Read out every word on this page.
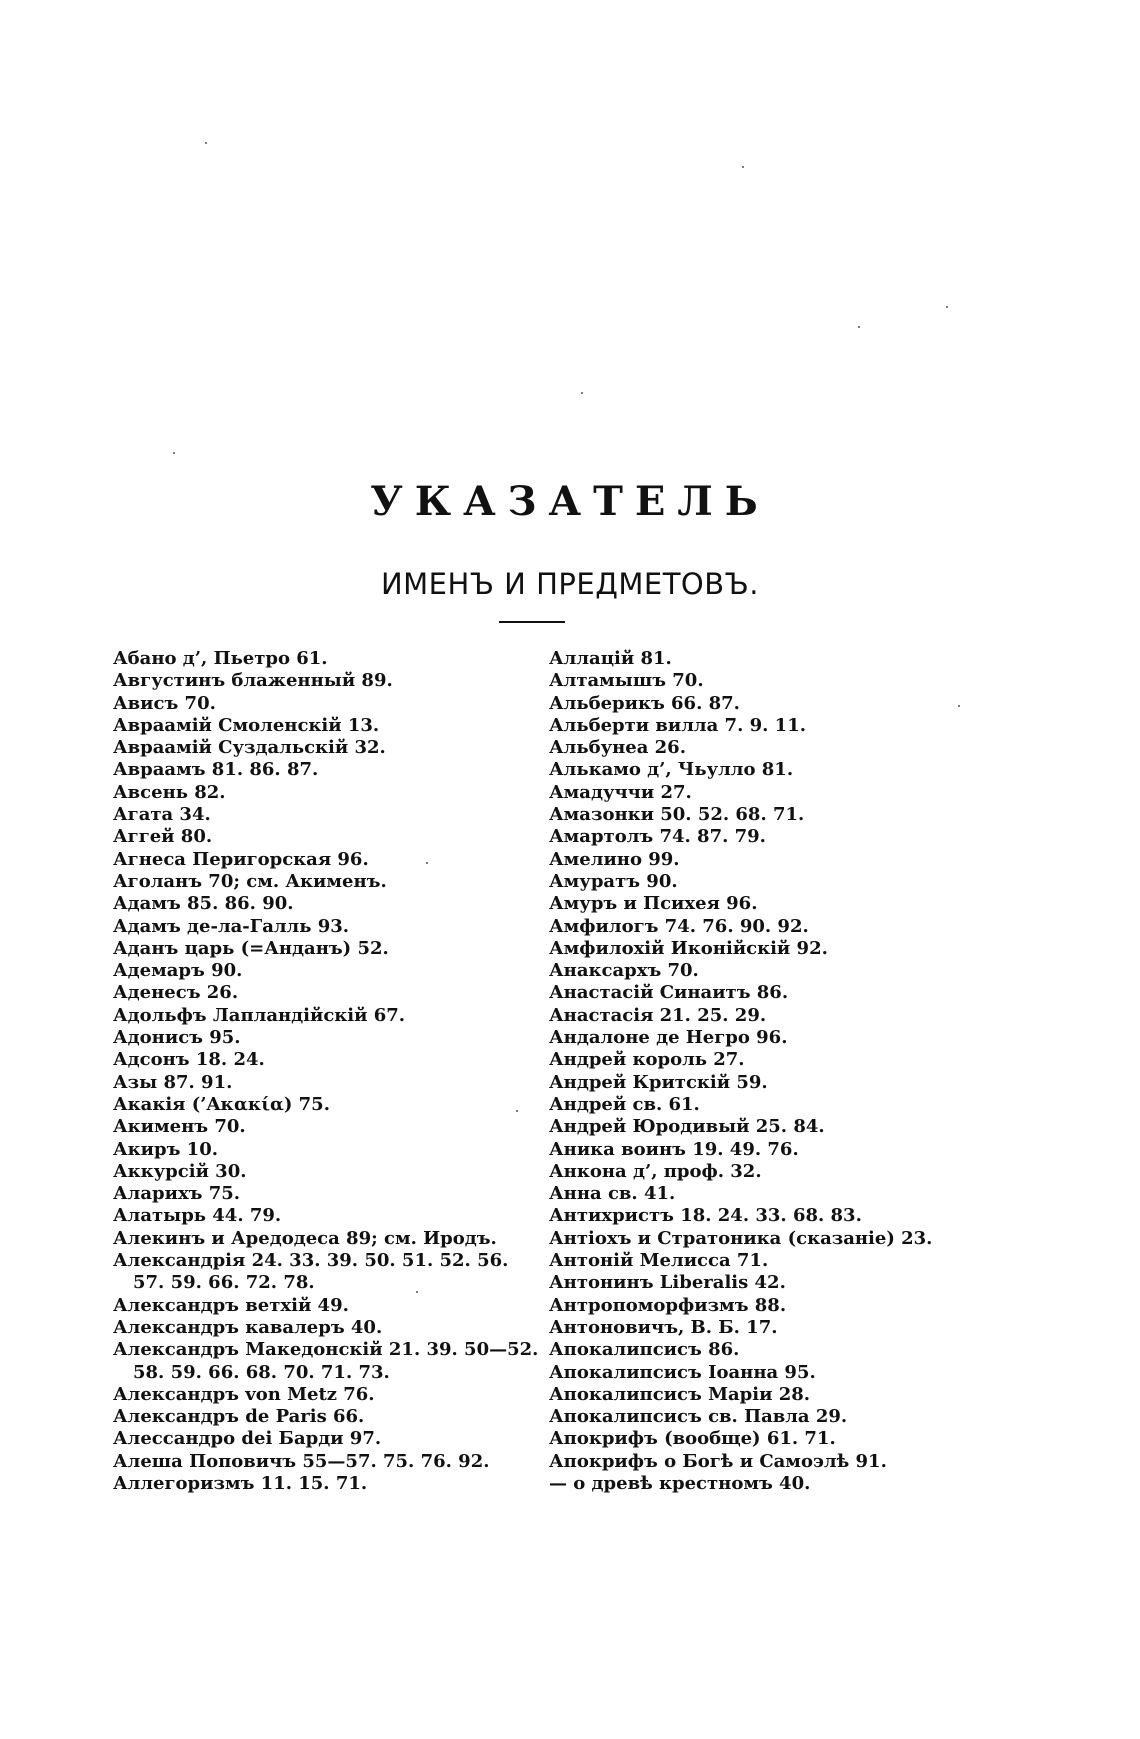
УКАЗАТЕЛЬ
ИМЕНЪ И ПРЕДМЕТОВЪ.
Абано д’, Пьетро 61.
Августинъ блаженный 89.
Ависъ 70.
Авраамій Смоленскій 13.
Авраамій Суздальскій 32.
Авраамъ 81. 86. 87.
Авсень 82.
Агата 34.
Аггей 80.
Агнеса Перигорская 96.
Аголанъ 70; см. Акименъ.
Адамъ 85. 86. 90.
Адамъ де-ла-Галль 93.
Аданъ царь (=Анданъ) 52.
Адемаръ 90.
Аденесъ 26.
Адольфъ Лапландійскій 67.
Адонисъ 95.
Адсонъ 18. 24.
Азы 87. 91.
Акакія (’Ακακία) 75.
Акименъ 70.
Акиръ 10.
Аккурсій 30.
Аларихъ 75.
Алатырь 44. 79.
Алекинъ и Аредодеса 89; см. Иродъ.
Александрія 24. 33. 39. 50. 51. 52. 56.
57. 59. 66. 72. 78.
Александръ ветхій 49.
Александръ кавалеръ 40.
Александръ Македонскій 21. 39. 50—52.
58. 59. 66. 68. 70. 71. 73.
Александръ von Metz 76.
Александръ de Paris 66.
Алессандро dei Барди 97.
Алеша Поповичъ 55—57. 75. 76. 92.
Аллегоризмъ 11. 15. 71.
Аллацій 81.
Алтамышъ 70.
Альберикъ 66. 87.
Альберти вилла 7. 9. 11.
Альбунеа 26.
Алькамо д’, Чьулло 81.
Амадуччи 27.
Амазонки 50. 52. 68. 71.
Амартолъ 74. 87. 79.
Амелино 99.
Амуратъ 90.
Амуръ и Психея 96.
Амфилогъ 74. 76. 90. 92.
Амфилохій Иконійскій 92.
Анаксархъ 70.
Анастасій Синаитъ 86.
Анастасія 21. 25. 29.
Андалоне де Негро 96.
Андрей король 27.
Андрей Критскій 59.
Андрей св. 61.
Андрей Юродивый 25. 84.
Аника воинъ 19. 49. 76.
Анкона д’, проф. 32.
Анна св. 41.
Антихристъ 18. 24. 33. 68. 83.
Антіохъ и Стратоника (сказаніе) 23.
Антоній Мелисса 71.
Антонинъ Liberalis 42.
Антропоморфизмъ 88.
Антоновичъ, В. Б. 17.
Апокалипсисъ 86.
Апокалипсисъ Іоанна 95.
Апокалипсисъ Маріи 28.
Апокалипсисъ св. Павла 29.
Апокрифъ (вообще) 61. 71.
Апокрифъ о Богѣ и Самоэлѣ 91.
— о древѣ крестномъ 40.
